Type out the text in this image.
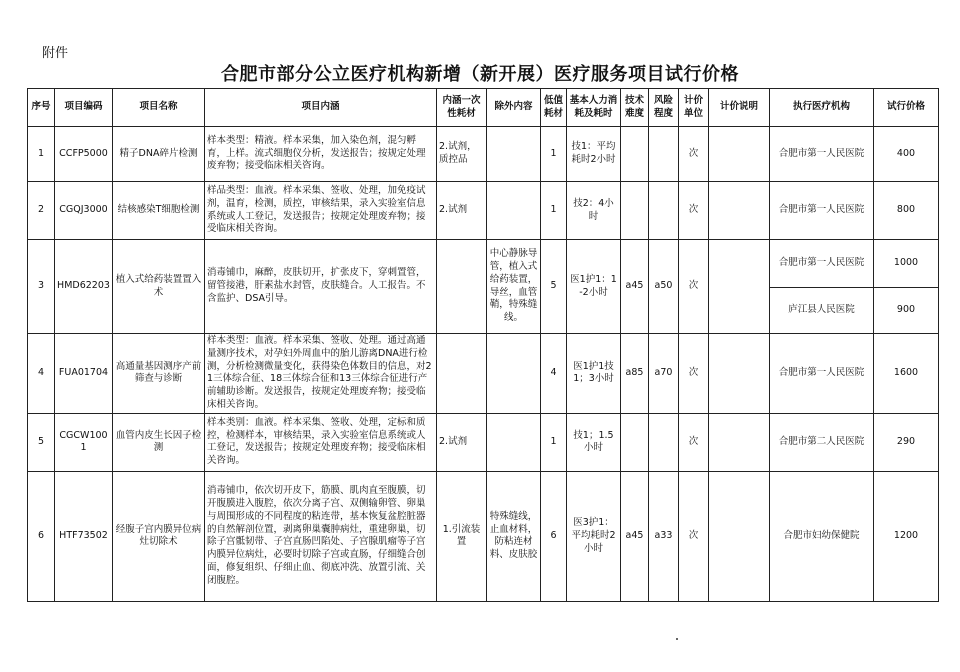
附件
合肥市部分公立医疗机构新增（新开展）医疗服务项目试行价格
序号	项目编码	项目名称	项目内涵	内涵一次性耗材	除外内容	低值耗材	基本人力消耗及耗时	技术难度	风险程度	计价单位	计价说明	执行医疗机构	试行价格
1	CCFP5000	精子DNA碎片检测	样本类型：精液。样本采集，加入染色剂，混匀孵育，上样。流式细胞仪分析，发送报告；按规定处理废弃物；接受临床相关咨询。	2.试剂，质控品		1	技1：平均耗时2小时			次		合肥市第一人民医院	400
2	CGQJ3000	结核感染T细胞检测	样品类型：血液。样本采集、签收、处理，加免疫试剂，温育，检测，质控，审核结果，录入实验室信息系统或人工登记，发送报告；按规定处理废弃物；接受临床相关咨询。	2.试剂		1	技2：4小时			次		合肥市第一人民医院	800
3	HMD62203	植入式给药装置置入术	消毒铺巾，麻醉，皮肤切开，扩张皮下，穿刺置管，留管接港，肝素盐水封管，皮肤缝合。人工报告。不含监护、DSA引导。		中心静脉导管，植入式给药装置，导丝，血管鞘，特殊缝线。	5	医1护1：1-2小时	a45	a50	次		合肥市第一人民医院	1000
												庐江县人民医院	900
4	FUA01704	高通量基因测序产前筛查与诊断	样本类型：血液。样本采集、签收、处理。通过高通量测序技术，对孕妇外周血中的胎儿游离DNA进行检测，分析检测微量变化，获得染色体数目的信息，对21三体综合征、18三体综合征和13三体综合征进行产前辅助诊断。发送报告，按规定处理废弃物；接受临床相关咨询。			4	医1护1技1；3小时	a85	a70	次		合肥市第一人民医院	1600
5	CGCW1001	血管内皮生长因子检测	样本类别：血液。样本采集、签收、处理，定标和质控，检测样本，审核结果，录入实验室信息系统或人工登记，发送报告；按规定处理废弃物；接受临床相关咨询。	2.试剂		1	技1；1.5小时			次		合肥市第二人民医院	290
6	HTF73502	经腹子宫内膜异位病灶切除术	消毒铺巾，依次切开皮下，筋膜、肌肉直至腹膜，切开腹膜进入腹腔，依次分离子宫、双侧输卵管、卵巢与周围形成的不同程度的粘连带，基本恢复盆腔脏器的自然解剖位置，剥离卵巢囊肿病灶，重建卵巢，切除子宫骶韧带、子宫直肠凹陷处、子宫腺肌瘤等子宫内膜异位病灶，必要时切除子宫或直肠，仔细缝合创面，修复组织、仔细止血、彻底冲洗、放置引流、关闭腹腔。	1.引流装置	特殊缝线，止血材料，防粘连材料、皮肤胶	6	医3护1：平均耗时2小时	a45	a33	次		合肥市妇幼保健院	1200
